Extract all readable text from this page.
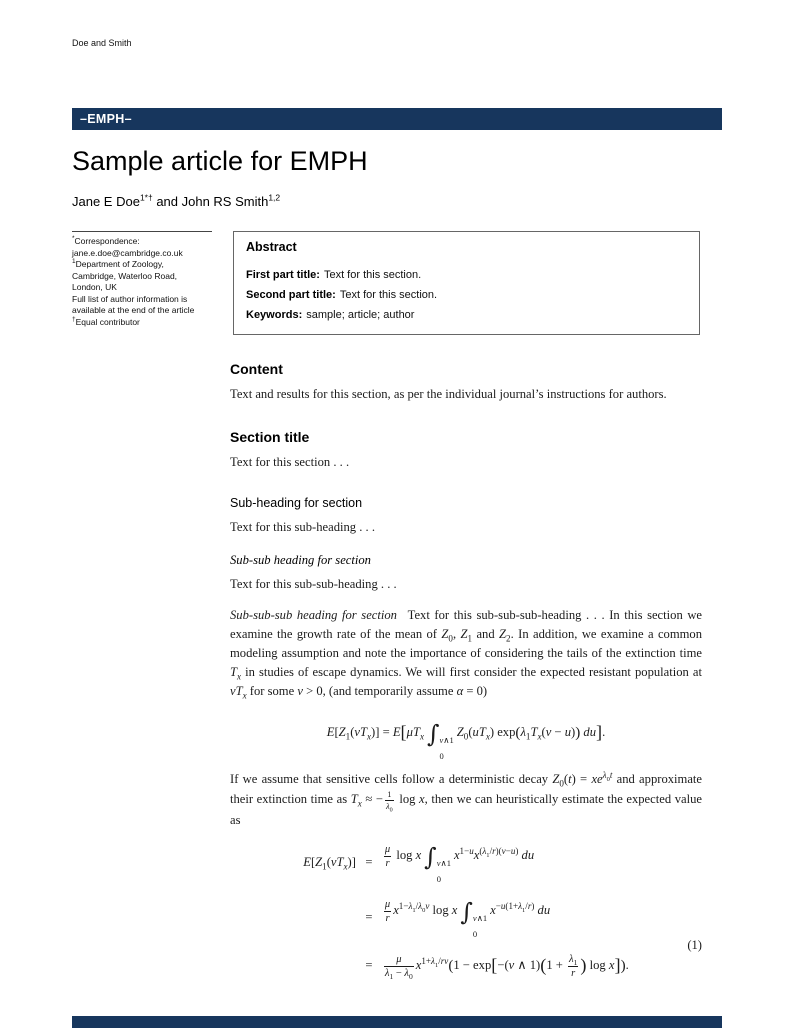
Doe and Smith
–EMPH–
Sample article for EMPH
Jane E Doe$^{1*\dagger}$ and John RS Smith$^{1,2}$
*Correspondence:
jane.e.doe@cambridge.co.uk
$^1$Department of Zoology,
Cambridge, Waterloo Road,
London, UK
Full list of author information is
available at the end of the article
†Equal contributor
Abstract
First part title: Text for this section.
Second part title: Text for this section.
Keywords: sample; article; author
Content

Text and results for this section, as per the individual journal’s instructions for authors.

Section title

Text for this section . . .

Sub-heading for section

Text for this sub-heading . . .

Sub-sub heading for section

Text for this sub-sub-heading . . .

Sub-sub-sub heading for section  Text for this sub-sub-sub-heading . . . In this section we examine the growth rate of the mean of $Z_0$, $Z_1$ and $Z_2$. In addition, we examine a common modeling assumption and note the importance of considering the tails of the extinction time $T_x$ in studies of escape dynamics. We will first consider the expected resistant population at $vT_x$ for some v > 0, (and temporarily assume α = 0)

$E[Z_1(vT_x)] = E[\mu T_x$ ∫ v∧1
0
$Z_0(uT_x) \exp(\lambda_1T_x(v - u))$ du].

If we assume that sensitive cells follow a deterministic decay $Z_0(t) = xe^{\lambda_0t}$ and approximate their extinction time as $T_x$ ≈ − $\frac{1}{\lambda_0}$ log x, then we can heuristically estimate the expected value as

$E[Z_1(vT_x)]$ =	$\frac{\mu}{r}$ log x ∫ v∧1
0
$x^{1-u}x^{(\lambda_1/r)(v-u)}$ du
=	$\frac{\mu}{r} x^{1-\lambda_1/\lambda_0v}$ log x ∫ v∧1
0
$x^{-u(1+\lambda_1/r)}$ du
=	$\frac{\mu}{\lambda_1 - \lambda_0} x^{1+\lambda_1/rv}(1 - \exp[-(v$ ∧ $1)(1 + \frac{\lambda_1}{r}$ ) log x]).
(1)
